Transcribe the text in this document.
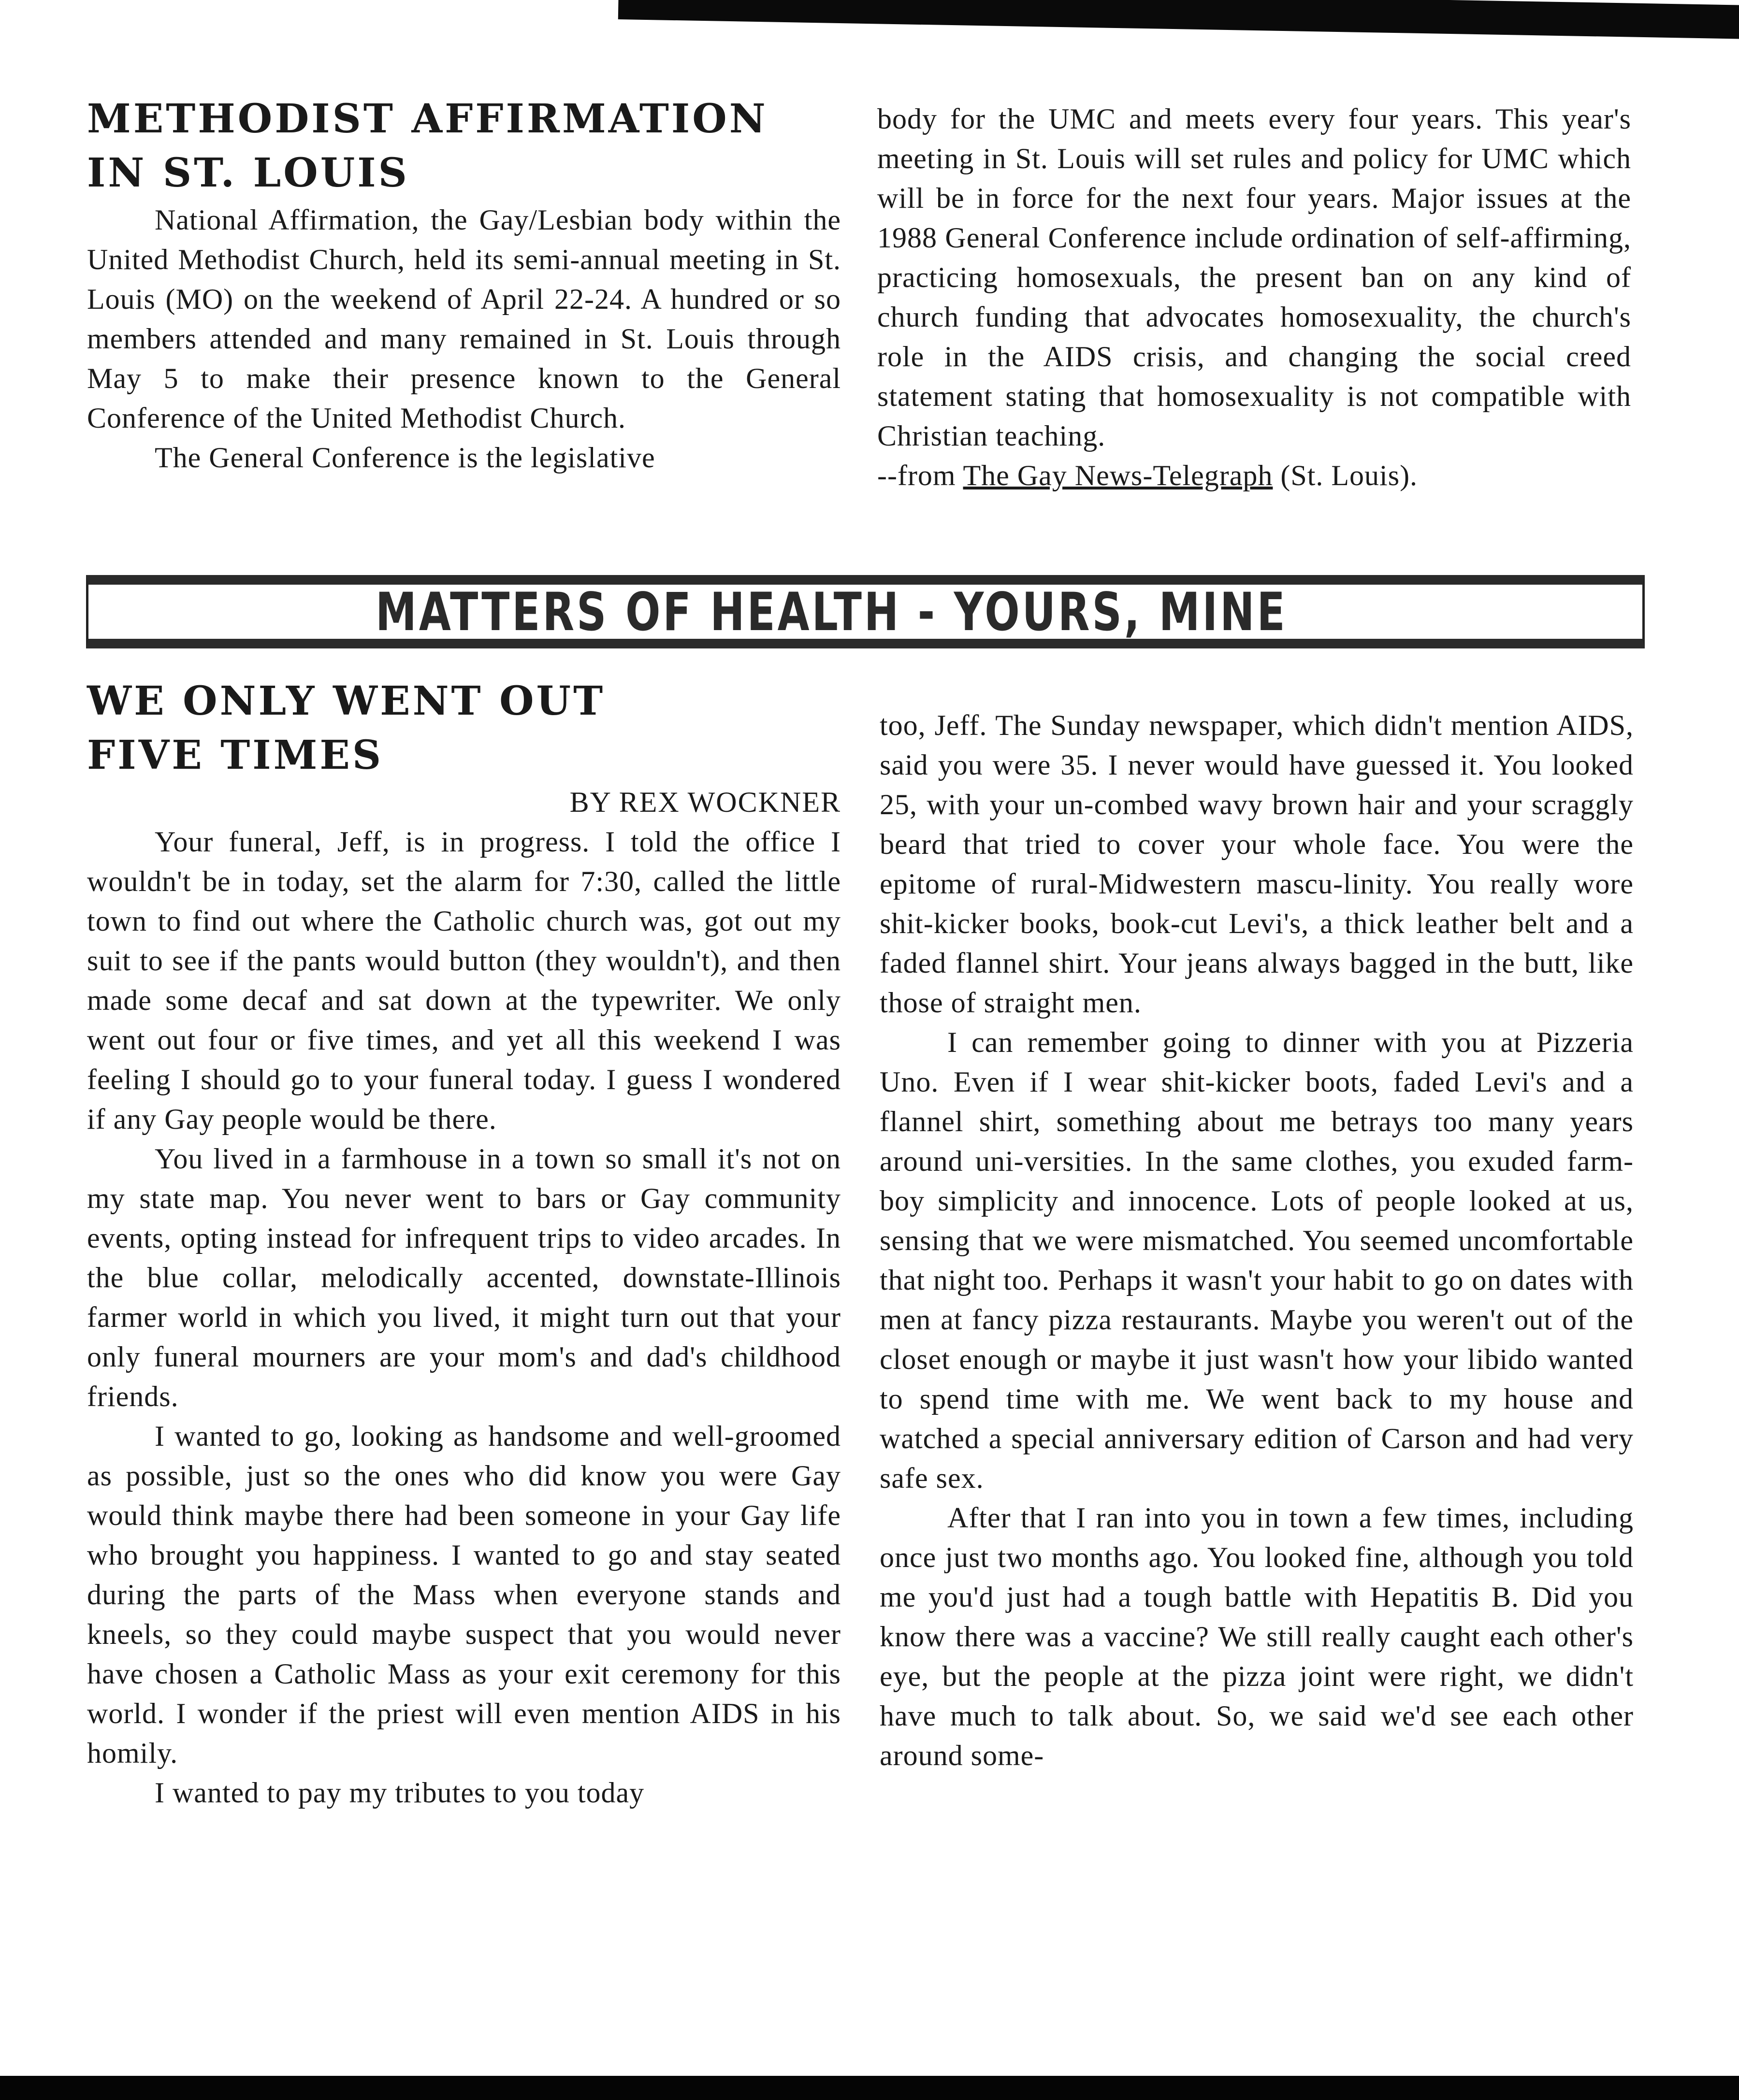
METHODIST AFFIRMATION
IN ST. LOUIS

National Affirmation, the Gay/Lesbian body within the United Methodist Church, held its semi-annual meeting in St. Louis (MO) on the weekend of April 22-24. A hundred or so members attended and many remained in St. Louis through May 5 to make their presence known to the General Conference of the United Methodist Church.

The General Conference is the legislative

body for the UMC and meets every four years. This year's meeting in St. Louis will set rules and policy for UMC which will be in force for the next four years. Major issues at the 1988 General Conference include ordination of self-affirming, practicing homosexuals, the present ban on any kind of church funding that advocates homosexuality, the church's role in the AIDS crisis, and changing the social creed statement stating that homosexuality is not compatible with Christian teaching.

--from The Gay News-Telegraph (St. Louis).

MATTERS OF HEALTH - YOURS, MINE
WE ONLY WENT OUT
FIVE TIMES

BY REX WOCKNER

Your funeral, Jeff, is in progress. I told the office I wouldn't be in today, set the alarm for 7:30, called the little town to find out where the Catholic church was, got out my suit to see if the pants would button (they wouldn't), and then made some decaf and sat down at the typewriter. We only went out four or five times, and yet all this weekend I was feeling I should go to your funeral today. I guess I wondered if any Gay people would be there.

You lived in a farmhouse in a town so small it's not on my state map. You never went to bars or Gay community events, opting instead for infrequent trips to video arcades. In the blue collar, melodically accented, downstate-Illinois farmer world in which you lived, it might turn out that your only funeral mourners are your mom's and dad's childhood friends.

I wanted to go, looking as handsome and well-groomed as possible, just so the ones who did know you were Gay would think maybe there had been someone in your Gay life who brought you happiness. I wanted to go and stay seated during the parts of the Mass when everyone stands and kneels, so they could maybe suspect that you would never have chosen a Catholic Mass as your exit ceremony for this world. I wonder if the priest will even mention AIDS in his homily.

I wanted to pay my tributes to you today

too, Jeff. The Sunday newspaper, which didn't mention AIDS, said you were 35. I never would have guessed it. You looked 25, with your un-combed wavy brown hair and your scraggly beard that tried to cover your whole face. You were the epitome of rural-Midwestern mascu-linity. You really wore shit-kicker books, book-cut Levi's, a thick leather belt and a faded flannel shirt. Your jeans always bagged in the butt, like those of straight men.

I can remember going to dinner with you at Pizzeria Uno. Even if I wear shit-kicker boots, faded Levi's and a flannel shirt, something about me betrays too many years around uni-versities. In the same clothes, you exuded farm-boy simplicity and innocence. Lots of people looked at us, sensing that we were mismatched. You seemed uncomfortable that night too. Perhaps it wasn't your habit to go on dates with men at fancy pizza restaurants. Maybe you weren't out of the closet enough or maybe it just wasn't how your libido wanted to spend time with me. We went back to my house and watched a special anniversary edition of Carson and had very safe sex.

After that I ran into you in town a few times, including once just two months ago. You looked fine, although you told me you'd just had a tough battle with Hepatitis B. Did you know there was a vaccine? We still really caught each other's eye, but the people at the pizza joint were right, we didn't have much to talk about. So, we said we'd see each other around some-
